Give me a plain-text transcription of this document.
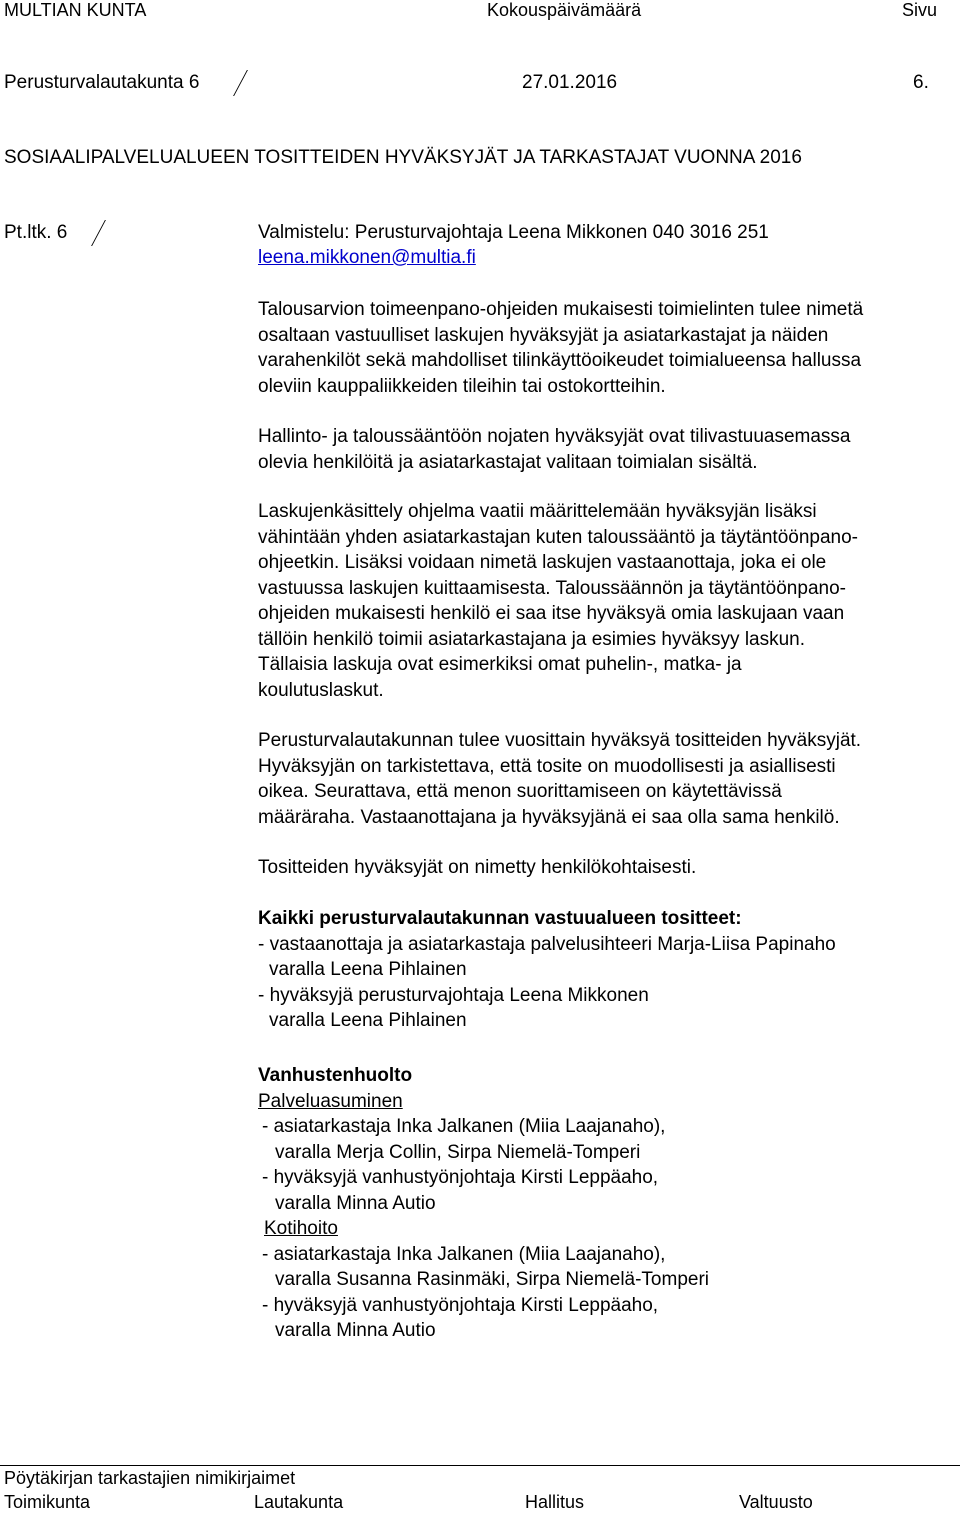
MULTIAN KUNTA	Kokouspäivämäärä	Sivu
Perusturvalautakunta 6	27.01.2016	6.
SOSIAALIPALVELUALUEEN TOSITTEIDEN HYVÄKSYJÄT JA TARKASTAJAT VUONNA 2016
Pt.ltk. 6	Valmistelu: Perusturvajohtaja Leena Mikkonen 040 3016 251
leena.mikkonen@multia.fi
Talousarvion toimeenpano-ohjeiden mukaisesti toimielinten tulee nimetä
osaltaan vastuulliset laskujen hyväksyjät ja asiatarkastajat ja näiden
varahenkilöt sekä mahdolliset tilinkäyttöoikeudet toimialueensa hallussa
oleviin kauppaliikkeiden tileihin tai ostokortteihin.
Hallinto- ja taloussääntöön nojaten hyväksyjät ovat tilivastuuasemassa
olevia henkilöitä ja asiatarkastajat valitaan toimialan sisältä.
Laskujenkäsittely ohjelma vaatii määrittelemään hyväksyjän lisäksi
vähintään yhden asiatarkastajan kuten taloussääntö ja täytäntöönpano-
ohjeetkin. Lisäksi voidaan nimetä laskujen vastaanottaja, joka ei ole
vastuussa laskujen kuittaamisesta. Taloussäännön ja täytäntöönpano-
ohjeiden mukaisesti henkilö ei saa itse hyväksyä omia laskujaan vaan
tällöin henkilö toimii asiatarkastajana ja esimies hyväksyy laskun.
Tällaisia laskuja ovat esimerkiksi omat puhelin-, matka- ja
koulutuslaskut.
Perusturvalautakunnan tulee vuosittain hyväksyä tositteiden hyväksyjät.
Hyväksyjän on tarkistettava, että tosite on muodollisesti ja asiallisesti
oikea. Seurattava, että menon suorittamiseen on käytettävissä
määräraha. Vastaanottajana ja hyväksyjänä ei saa olla sama henkilö.
Tositteiden hyväksyjät on nimetty henkilökohtaisesti.
Kaikki perusturvalautakunnan vastuualueen tositteet:
- vastaanottaja ja asiatarkastaja palvelusihteeri Marja-Liisa Papinaho
varalla Leena Pihlainen
- hyväksyjä perusturvajohtaja Leena Mikkonen
varalla Leena Pihlainen
Vanhustenhuolto
Palveluasuminen
- asiatarkastaja Inka Jalkanen (Miia Laajanaho),
varalla Merja Collin, Sirpa Niemelä-Tomperi
- hyväksyjä vanhustyönjohtaja Kirsti Leppäaho,
varalla Minna Autio
Kotihoito
- asiatarkastaja Inka Jalkanen (Miia Laajanaho),
varalla Susanna Rasinmäki, Sirpa Niemelä-Tomperi
- hyväksyjä vanhustyönjohtaja Kirsti Leppäaho,
varalla Minna Autio
Pöytäkirjan tarkastajien nimikirjaimet
Toimikunta	Lautakunta	Hallitus	Valtuusto
